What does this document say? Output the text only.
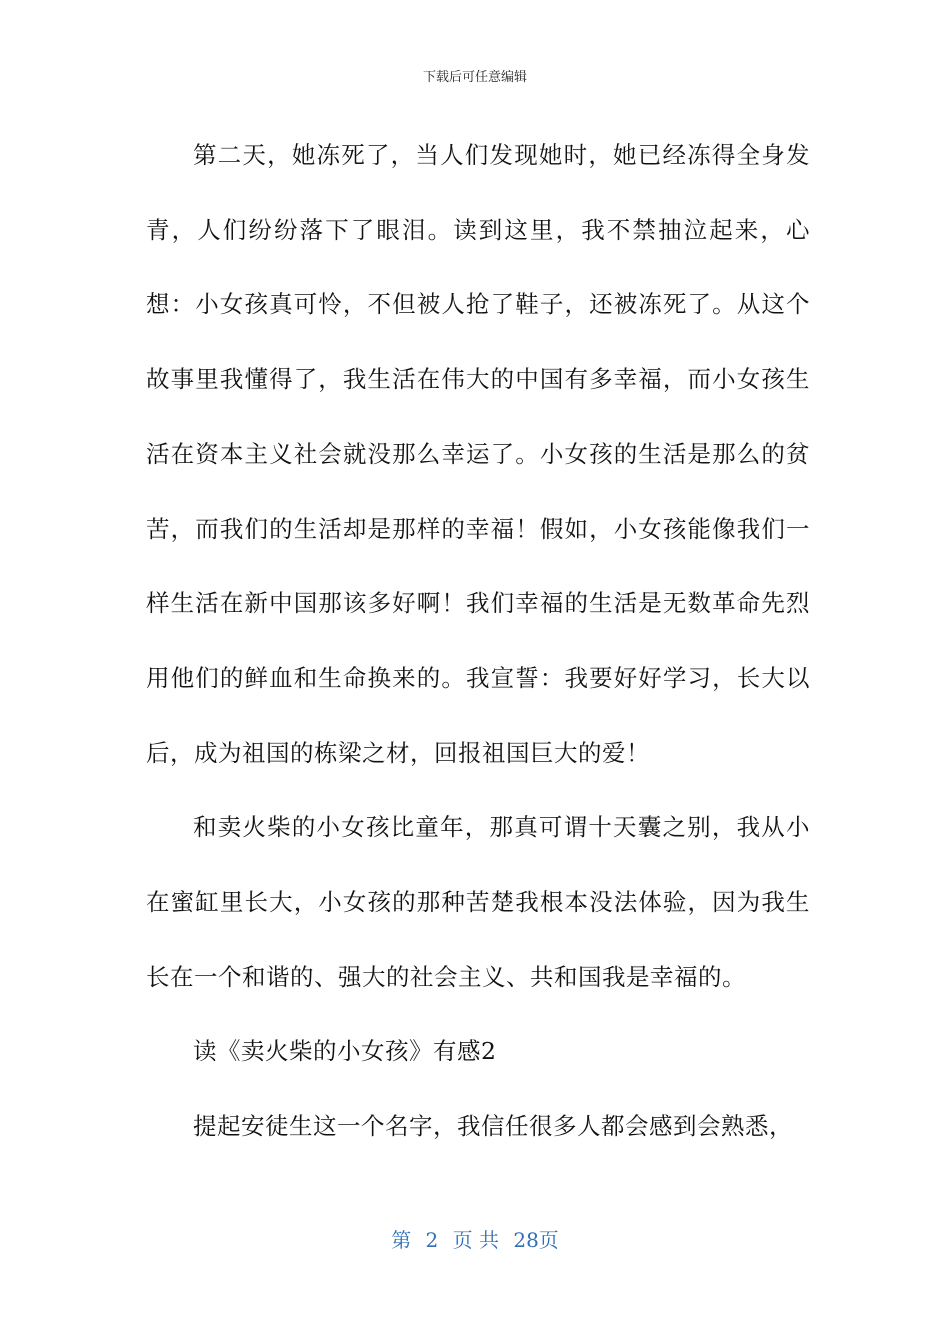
下载后可任意编辑

第二天，她冻死了，当人们发现她时，她已经冻得全身发青，人们纷纷落下了眼泪。读到这里，我不禁抽泣起来，心想：小女孩真可怜，不但被人抢了鞋子，还被冻死了。从这个故事里我懂得了，我生活在伟大的中国有多幸福，而小女孩生活在资本主义社会就没那么幸运了。小女孩的生活是那么的贫苦，而我们的生活却是那样的幸福！假如，小女孩能像我们一样生活在新中国那该多好啊！我们幸福的生活是无数革命先烈用他们的鲜血和生命换来的。我宣誓：我要好好学习，长大以后，成为祖国的栋梁之材，回报祖国巨大的爱！

和卖火柴的小女孩比童年，那真可谓十天囊之别，我从小在蜜缸里长大，小女孩的那种苦楚我根本没法体验，因为我生长在一个和谐的、强大的社会主义、共和国我是幸福的。

读《卖火柴的小女孩》有感2

提起安徒生这一个名字，我信任很多人都会感到会熟悉，

第 2 页 共 28页
